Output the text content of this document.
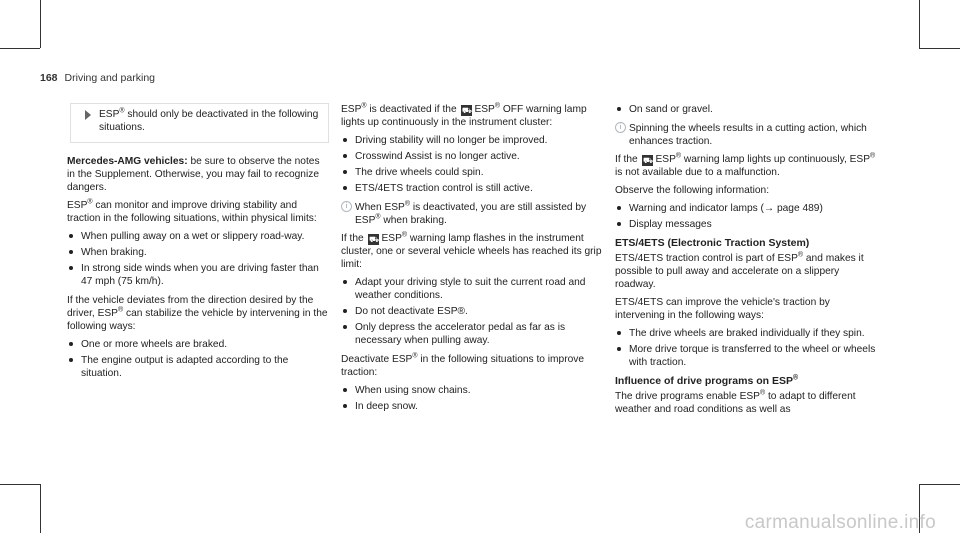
168 Driving and parking
ESP® should only be deactivated in the following situations.

Mercedes-AMG vehicles: be sure to observe the notes in the Supplement. Otherwise, you may fail to recognize dangers.

ESP® can monitor and improve driving stability and traction in the following situations, within physical limits:

When pulling away on a wet or slippery road-way.
When braking.
In strong side winds when you are driving faster than 47 mph (75 km/h).

If the vehicle deviates from the direction desired by the driver, ESP® can stabilize the vehicle by intervening in the following ways:

One or more wheels are braked.
The engine output is adapted according to the situation.

ESP® is deactivated if the ⛟ ESP® OFF warning lamp lights up continuously in the instrument cluster:

Driving stability will no longer be improved.
Crosswind Assist is no longer active.
The drive wheels could spin.
ETS/4ETS traction control is still active.
i When ESP® is deactivated, you are still assisted by ESP® when braking.

If the ⛟ ESP® warning lamp flashes in the instrument cluster, one or several vehicle wheels has reached its grip limit:

Adapt your driving style to suit the current road and weather conditions.
Do not deactivate ESP®.
Only depress the accelerator pedal as far as is necessary when pulling away.

Deactivate ESP® in the following situations to improve traction:

When using snow chains.
In deep snow.
On sand or gravel.
i Spinning the wheels results in a cutting action, which enhances traction.

If the ⛟ ESP® warning lamp lights up continuously, ESP® is not available due to a malfunction.

Observe the following information:

Warning and indicator lamps (→ page 489)
Display messages
ETS/4ETS (Electronic Traction System)

ETS/4ETS traction control is part of ESP® and makes it possible to pull away and accelerate on a slippery roadway.

ETS/4ETS can improve the vehicle's traction by intervening in the following ways:

The drive wheels are braked individually if they spin.
More drive torque is transferred to the wheel or wheels with traction.
Influence of drive programs on ESP®

The drive programs enable ESP® to adapt to different weather and road conditions as well as

carmanualsonline.info
